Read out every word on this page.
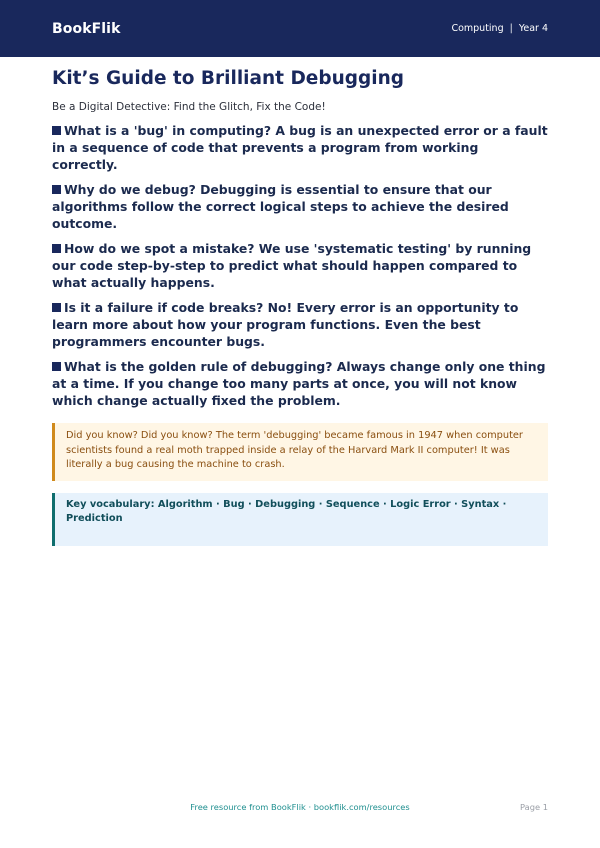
BookFlik	Computing | Year 4
Kit’s Guide to Brilliant Debugging

Be a Digital Detective: Find the Glitch, Fix the Code!

What is a 'bug' in computing? A bug is an unexpected error or a fault in a sequence of code that prevents a program from working correctly.
Why do we debug? Debugging is essential to ensure that our algorithms follow the correct logical steps to achieve the desired outcome.
How do we spot a mistake? We use 'systematic testing' by running our code step-by-step to predict what should happen compared to what actually happens.
Is it a failure if code breaks? No! Every error is an opportunity to learn more about how your program functions. Even the best programmers encounter bugs.
What is the golden rule of debugging? Always change only one thing at a time. If you change too many parts at once, you will not know which change actually fixed the problem.
Did you know? Did you know? The term 'debugging' became famous in 1947 when computer scientists found a real moth trapped inside a relay of the Harvard Mark II computer! It was literally a bug causing the machine to crash.
Key vocabulary: Algorithm · Bug · Debugging · Sequence · Logic Error · Syntax · Prediction
Free resource from BookFlik · bookflik.com/resources	Page 1
